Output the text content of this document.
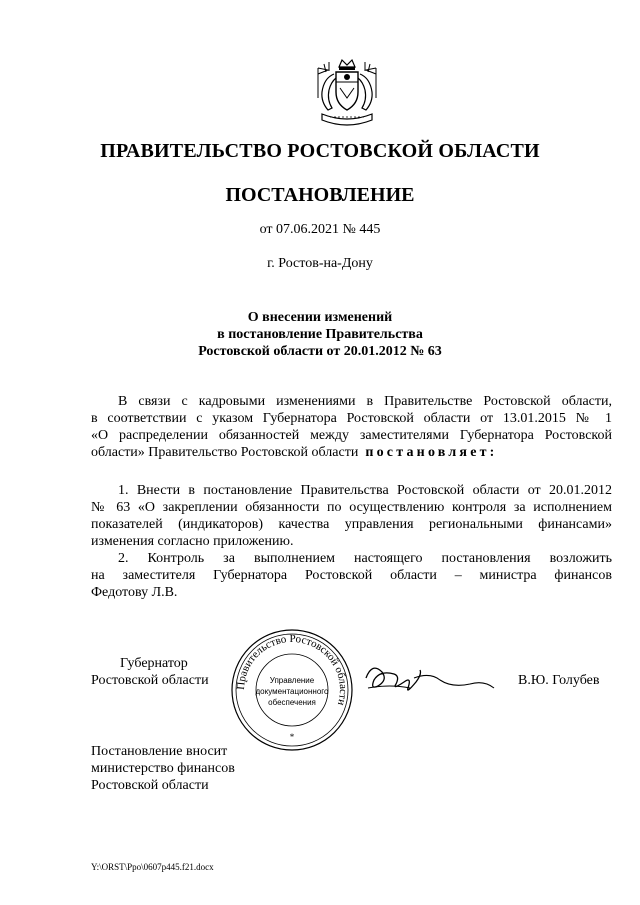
ПРАВИТЕЛЬСТВО РОСТОВСКОЙ ОБЛАСТИ
ПОСТАНОВЛЕНИЕ
от 07.06.2021 № 445
г. Ростов-на-Дону
О внесении изменений
в постановление Правительства
Ростовской области от 20.01.2012 № 63
В связи с кадровыми изменениями в Правительстве Ростовской области,
в соответствии с указом Губернатора Ростовской области от 13.01.2015 № 1
«О распределении обязанностей между заместителями Губернатора Ростовской
области» Правительство Ростовской области постановляет:
1. Внести в постановление Правительства Ростовской области от 20.01.2012
№ 63 «О закреплении обязанности по осуществлению контроля за исполнением
показателей (индикаторов) качества управления региональными финансами»
изменения согласно приложению.
2. Контроль за выполнением настоящего постановления возложить
на заместителя Губернатора Ростовской области – министра финансов
Федотову Л.В.
Губернатор
Ростовской области	В.Ю. Голубев
Правительство Ростовской области
Управление
документационного
обеспечения
*
Постановление вносит
министерство финансов
Ростовской области
Y:\ORST\Ppo\0607p445.f21.docx
